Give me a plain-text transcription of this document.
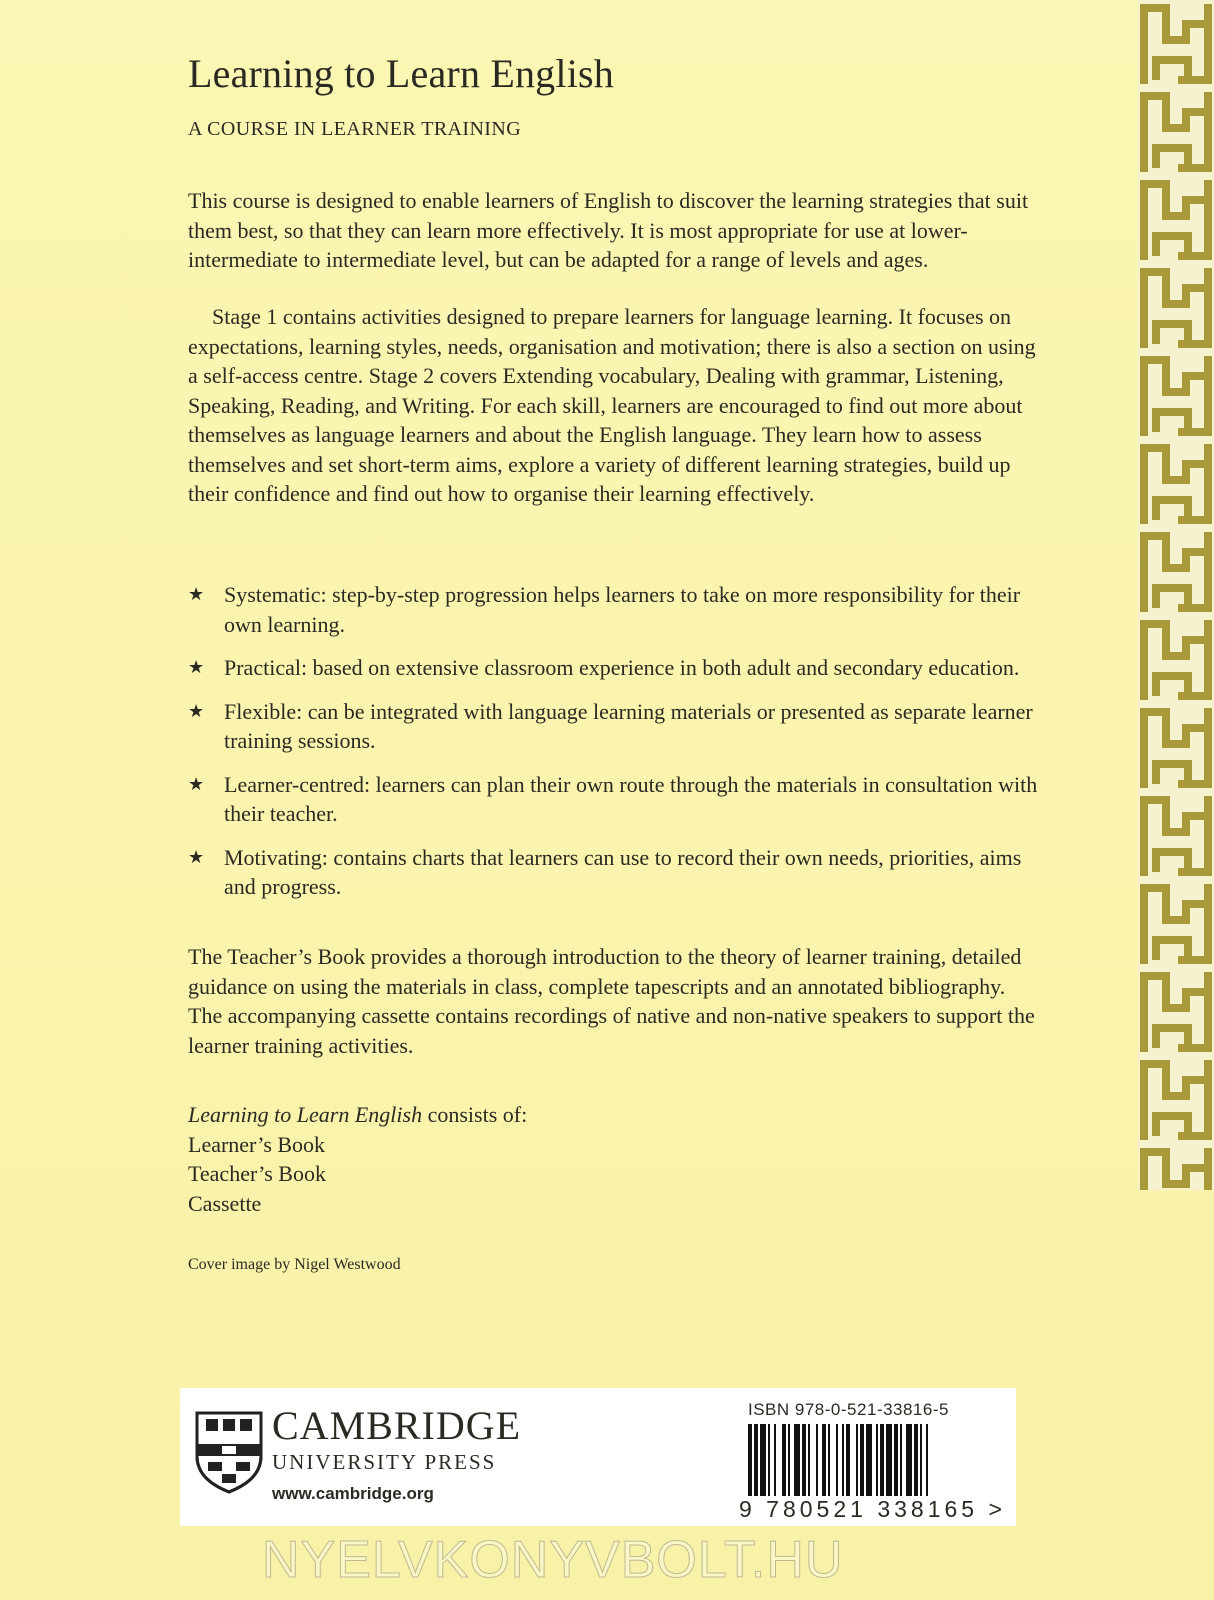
Learning to Learn English
A COURSE IN LEARNER TRAINING

This course is designed to enable learners of English to discover the learning strategies that suit them best, so that they can learn more effectively. It is most appropriate for use at lower-intermediate to intermediate level, but can be adapted for a range of levels and ages.

Stage 1 contains activities designed to prepare learners for language learning. It focuses on expectations, learning styles, needs, organisation and motivation; there is also a section on using a self-access centre. Stage 2 covers Extending vocabulary, Dealing with grammar, Listening, Speaking, Reading, and Writing. For each skill, learners are encouraged to find out more about themselves as language learners and about the English language. They learn how to assess themselves and set short-term aims, explore a variety of different learning strategies, build up their confidence and find out how to organise their learning effectively.

★ Systematic: step-by-step progression helps learners to take on more responsibility for their own learning.
★ Practical: based on extensive classroom experience in both adult and secondary education.
★ Flexible: can be integrated with language learning materials or presented as separate learner training sessions.
★ Learner-centred: learners can plan their own route through the materials in consultation with their teacher.
★ Motivating: contains charts that learners can use to record their own needs, priorities, aims and progress.

The Teacher’s Book provides a thorough introduction to the theory of learner training, detailed guidance on using the materials in class, complete tapescripts and an annotated bibliography. The accompanying cassette contains recordings of native and non-native speakers to support the learner training activities.

Learning to Learn English consists of:
Learner’s Book
Teacher’s Book
Cassette
Cover image by Nigel Westwood
CAMBRIDGE
UNIVERSITY PRESS
www.cambridge.org
ISBN 978-0-521-33816-5
9 780521 338165 >
NYELVKONYVBOLT.HU
